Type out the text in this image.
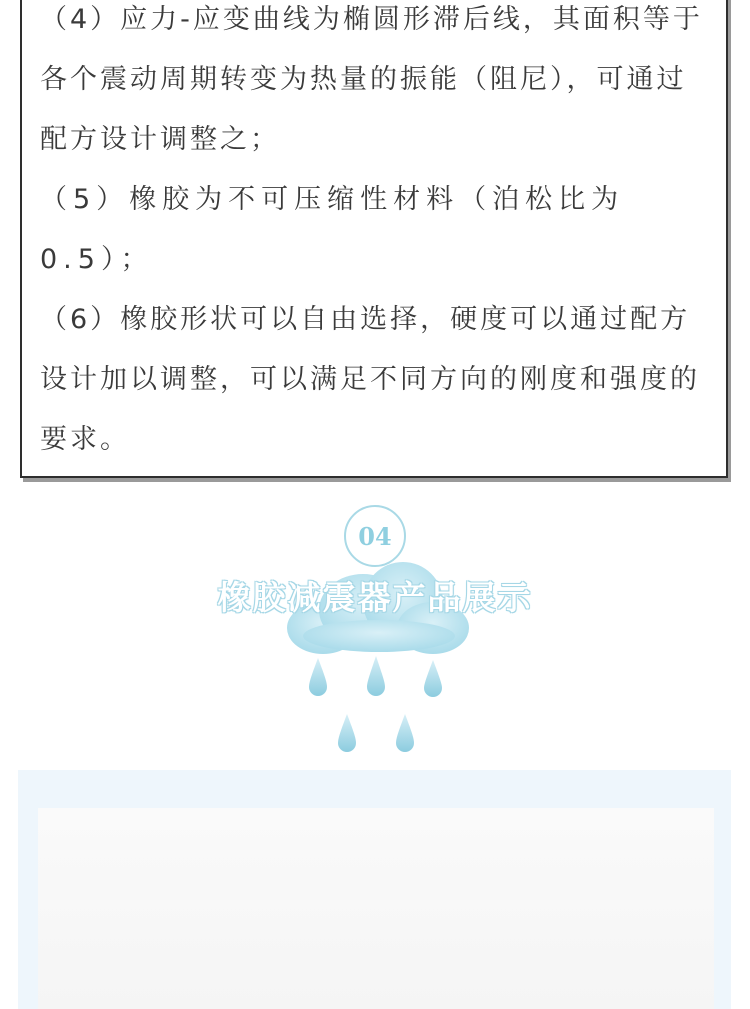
（4）应力-应变曲线为椭圆形滞后线，其面积等于各个震动周期转变为热量的振能（阻尼），可通过配方设计调整之；

（5）橡胶为不可压缩性材料（泊松比为0.5）；

（6）橡胶形状可以自由选择，硬度可以通过配方设计加以调整，可以满足不同方向的刚度和强度的要求。

04
橡胶减震器产品展示
